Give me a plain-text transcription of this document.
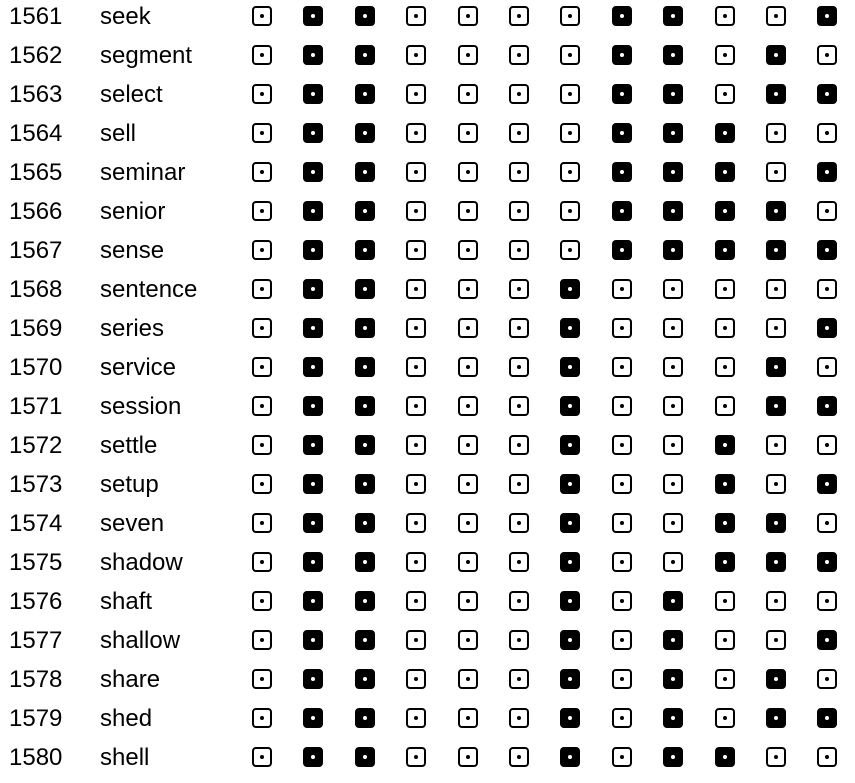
1561 seek
1562 segment
1563 select
1564 sell
1565 seminar
1566 senior
1567 sense
1568 sentence
1569 series
1570 service
1571 session
1572 settle
1573 setup
1574 seven
1575 shadow
1576 shaft
1577 shallow
1578 share
1579 shed
1580 shell
